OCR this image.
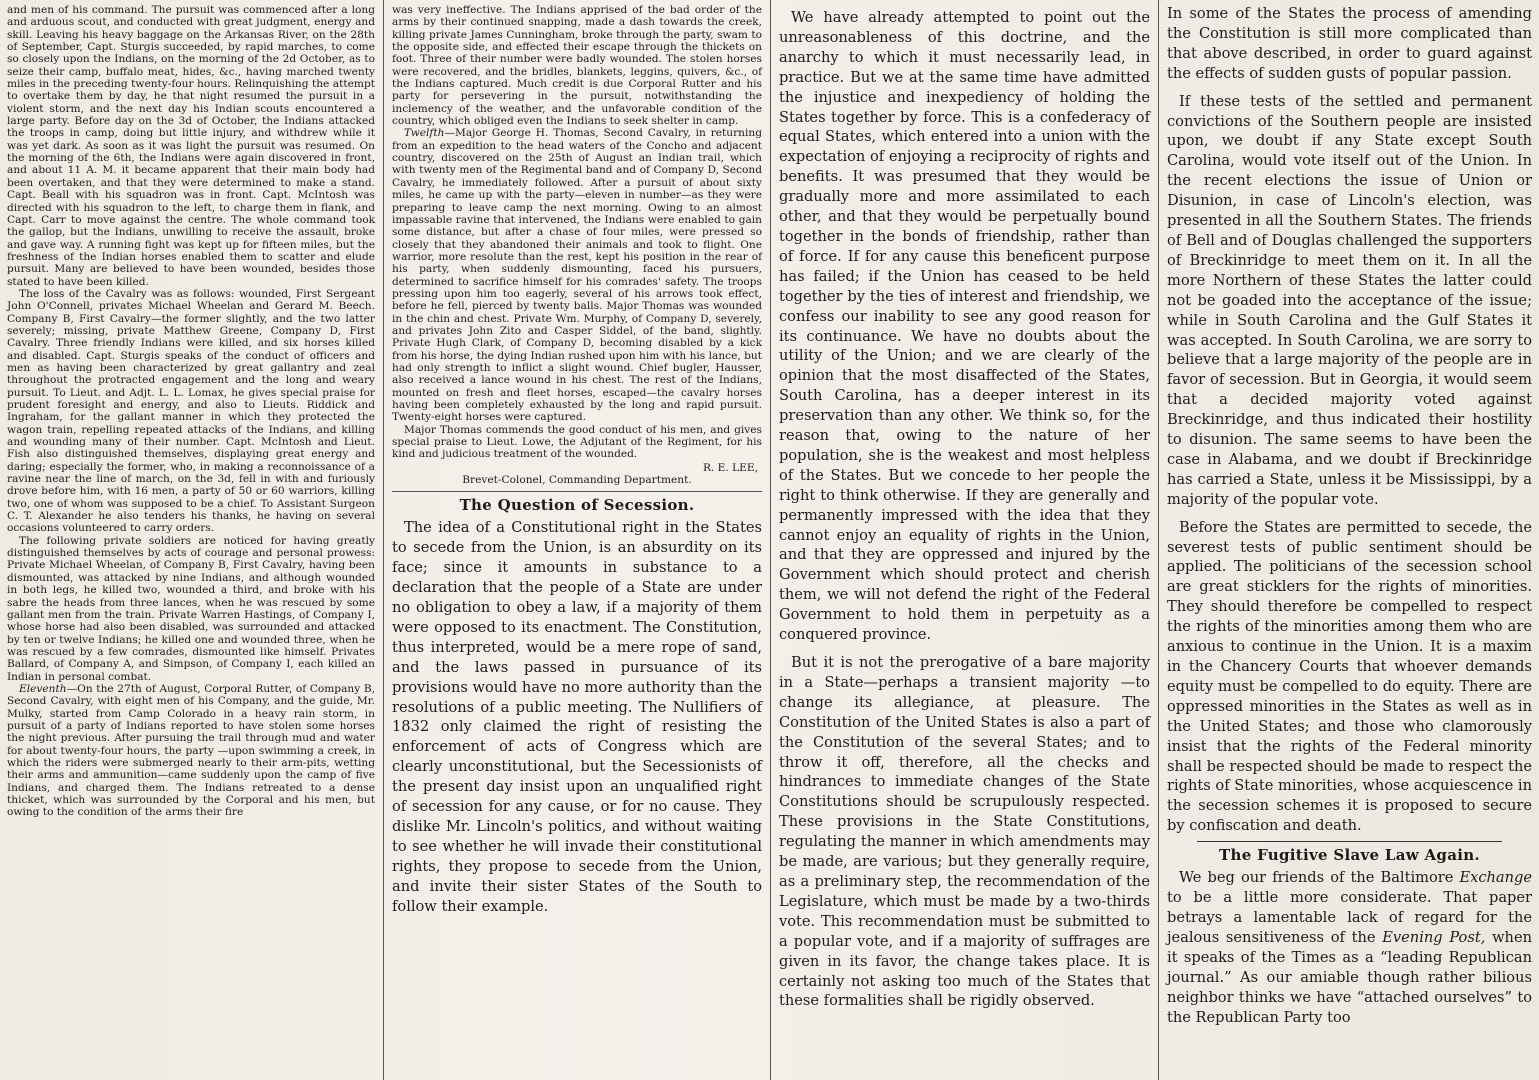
and men of his command. The pursuit was commenced after a long and arduous scout, and conducted with great judgment, energy and skill. Leaving his heavy baggage on the Arkansas River, on the 28th of September, Capt. Sturgis succeeded, by rapid marches, to come so closely upon the Indians, on the morning of the 2d October, as to seize their camp, buffalo meat, hides, &c., having marched twenty miles in the preceding twenty-four hours. Relinquishing the attempt to overtake them by day, he that night resumed the pursuit in a violent storm, and the next day his Indian scouts encountered a large party. Before day on the 3d of October, the Indians attacked the troops in camp, doing but little injury, and withdrew while it was yet dark. As soon as it was light the pursuit was resumed. On the morning of the 6th, the Indians were again discovered in front, and about 11 A. M. it became apparent that their main body had been overtaken, and that they were determined to make a stand. Capt. Beall with his squadron was in front. Capt. McIntosh was directed with his squadron to the left, to charge them in flank, and Capt. Carr to move against the centre. The whole command took the gallop, but the Indians, unwilling to receive the assault, broke and gave way. A running fight was kept up for fifteen miles, but the freshness of the Indian horses enabled them to scatter and elude pursuit. Many are believed to have been wounded, besides those stated to have been killed.

The loss of the Cavalry was as follows: wounded, First Sergeant John O'Connell, privates Michael Wheelan and Gerard M. Beech. Company B, First Cavalry—the former slightly, and the two latter severely; missing, private Matthew Greene, Company D, First Cavalry. Three friendly Indians were killed, and six horses killed and disabled. Capt. Sturgis speaks of the conduct of officers and men as having been characterized by great gallantry and zeal throughout the protracted engagement and the long and weary pursuit. To Lieut. and Adjt. L. L. Lomax, he gives special praise for prudent foresight and energy, and also to Lieuts. Riddick and Ingraham, for the gallant manner in which they protected the wagon train, repelling repeated attacks of the Indians, and killing and wounding many of their number. Capt. McIntosh and Lieut. Fish also distinguished themselves, displaying great energy and daring; especially the former, who, in making a reconnoissance of a ravine near the line of march, on the 3d, fell in with and furiously drove before him, with 16 men, a party of 50 or 60 warriors, killing two, one of whom was supposed to be a chief. To Assistant Surgeon C. T. Alexander he also tenders his thanks, he having on several occasions volunteered to carry orders.

The following private soldiers are noticed for having greatly distinguished themselves by acts of courage and personal prowess: Private Michael Wheelan, of Company B, First Cavalry, having been dismounted, was attacked by nine Indians, and although wounded in both legs, he killed two, wounded a third, and broke with his sabre the heads from three lances, when he was rescued by some gallant men from the train. Private Warren Hastings, of Company I, whose horse had also been disabled, was surrounded and attacked by ten or twelve Indians; he killed one and wounded three, when he was rescued by a few comrades, dismounted like himself. Privates Ballard, of Company A, and Simpson, of Company I, each killed an Indian in personal combat.

Eleventh—On the 27th of August, Corporal Rutter, of Company B, Second Cavalry, with eight men of his Company, and the guide, Mr. Mulky, started from Camp Colorado in a heavy rain storm, in pursuit of a party of Indians reported to have stolen some horses the night previous. After pursuing the trail through mud and water for about twenty-four hours, the party —upon swimming a creek, in which the riders were submerged nearly to their arm-pits, wetting their arms and ammunition—came suddenly upon the camp of five Indians, and charged them. The Indians retreated to a dense thicket, which was surrounded by the Corporal and his men, but owing to the condition of the arms their fire

was very ineffective. The Indians apprised of the bad order of the arms by their continued snapping, made a dash towards the creek, killing private James Cunningham, broke through the party, swam to the opposite side, and effected their escape through the thickets on foot. Three of their number were badly wounded. The stolen horses were recovered, and the bridles, blankets, leggins, quivers, &c., of the Indians captured. Much credit is due Corporal Rutter and his party for persevering in the pursuit, notwithstanding the inclemency of the weather, and the unfavorable condition of the country, which obliged even the Indians to seek shelter in camp.

Twelfth—Major George H. Thomas, Second Cavalry, in returning from an expedition to the head waters of the Concho and adjacent country, discovered on the 25th of August an Indian trail, which with twenty men of the Regimental band and of Company D, Second Cavalry, he immediately followed. After a pursuit of about sixty miles, he came up with the party—eleven in number—as they were preparing to leave camp the next morning. Owing to an almost impassable ravine that intervened, the Indians were enabled to gain some distance, but after a chase of four miles, were pressed so closely that they abandoned their animals and took to flight. One warrior, more resolute than the rest, kept his position in the rear of his party, when suddenly dismounting, faced his pursuers, determined to sacrifice himself for his comrades' safety. The troops pressing upon him too eagerly, several of his arrows took effect, before he fell, pierced by twenty balls. Major Thomas was wounded in the chin and chest. Private Wm. Murphy, of Company D, severely, and privates John Zito and Casper Siddel, of the band, slightly. Private Hugh Clark, of Company D, becoming disabled by a kick from his horse, the dying Indian rushed upon him with his lance, but had only strength to inflict a slight wound. Chief bugler, Hausser, also received a lance wound in his chest. The rest of the Indians, mounted on fresh and fleet horses, escaped—the cavalry horses having been completely exhausted by the long and rapid pursuit. Twenty-eight horses were captured.

Major Thomas commends the good conduct of his men, and gives special praise to Lieut. Lowe, the Adjutant of the Regiment, for his kind and judicious treatment of the wounded.

R. E. LEE,

Brevet-Colonel, Commanding Department.

The Question of Secession.

The idea of a Constitutional right in the States to secede from the Union, is an absurdity on its face; since it amounts in substance to a declaration that the people of a State are under no obligation to obey a law, if a majority of them were opposed to its enactment. The Constitution, thus interpreted, would be a mere rope of sand, and the laws passed in pursuance of its provisions would have no more authority than the resolutions of a public meeting. The Nullifiers of 1832 only claimed the right of resisting the enforcement of acts of Congress which are clearly unconstitutional, but the Secessionists of the present day insist upon an unqualified right of secession for any cause, or for no cause. They dislike Mr. Lincoln's politics, and without waiting to see whether he will invade their constitutional rights, they propose to secede from the Union, and invite their sister States of the South to follow their example.

We have already attempted to point out the unreasonableness of this doctrine, and the anarchy to which it must necessarily lead, in practice. But we at the same time have admitted the injustice and inexpediency of holding the States together by force. This is a confederacy of equal States, which entered into a union with the expectation of enjoying a reciprocity of rights and benefits. It was presumed that they would be gradually more and more assimilated to each other, and that they would be perpetually bound together in the bonds of friendship, rather than of force. If for any cause this beneficent purpose has failed; if the Union has ceased to be held together by the ties of interest and friendship, we confess our inability to see any good reason for its continuance. We have no doubts about the utility of the Union; and we are clearly of the opinion that the most disaffected of the States, South Carolina, has a deeper interest in its preservation than any other. We think so, for the reason that, owing to the nature of her population, she is the weakest and most helpless of the States. But we concede to her people the right to think otherwise. If they are generally and permanently impressed with the idea that they cannot enjoy an equality of rights in the Union, and that they are oppressed and injured by the Government which should protect and cherish them, we will not defend the right of the Federal Government to hold them in perpetuity as a conquered province.

But it is not the prerogative of a bare majority in a State—perhaps a transient majority —to change its allegiance, at pleasure. The Constitution of the United States is also a part of the Constitution of the several States; and to throw it off, therefore, all the checks and hindrances to immediate changes of the State Constitutions should be scrupulously respected. These provisions in the State Constitutions, regulating the manner in which amendments may be made, are various; but they generally require, as a preliminary step, the recommendation of the Legislature, which must be made by a two-thirds vote. This recommendation must be submitted to a popular vote, and if a majority of suffrages are given in its favor, the change takes place. It is certainly not asking too much of the States that these formalities shall be rigidly observed.

In some of the States the process of amending the Constitution is still more complicated than that above described, in order to guard against the effects of sudden gusts of popular passion.

If these tests of the settled and permanent convictions of the Southern people are insisted upon, we doubt if any State except South Carolina, would vote itself out of the Union. In the recent elections the issue of Union or Disunion, in case of Lincoln's election, was presented in all the Southern States. The friends of Bell and of Douglas challenged the supporters of Breckinridge to meet them on it. In all the more Northern of these States the latter could not be goaded into the acceptance of the issue; while in South Carolina and the Gulf States it was accepted. In South Carolina, we are sorry to believe that a large majority of the people are in favor of secession. But in Georgia, it would seem that a decided majority voted against Breckinridge, and thus indicated their hostility to disunion. The same seems to have been the case in Alabama, and we doubt if Breckinridge has carried a State, unless it be Mississippi, by a majority of the popular vote.

Before the States are permitted to secede, the severest tests of public sentiment should be applied. The politicians of the secession school are great sticklers for the rights of minorities. They should therefore be compelled to respect the rights of the minorities among them who are anxious to continue in the Union. It is a maxim in the Chancery Courts that whoever demands equity must be compelled to do equity. There are oppressed minorities in the States as well as in the United States; and those who clamorously insist that the rights of the Federal minority shall be respected should be made to respect the rights of State minorities, whose acquiescence in the secession schemes it is proposed to secure by confiscation and death.

The Fugitive Slave Law Again.

We beg our friends of the Baltimore Exchange to be a little more considerate. That paper betrays a lamentable lack of regard for the jealous sensitiveness of the Evening Post, when it speaks of the Times as a “leading Republican journal.” As our amiable though rather bilious neighbor thinks we have “attached ourselves” to the Republican Party too
